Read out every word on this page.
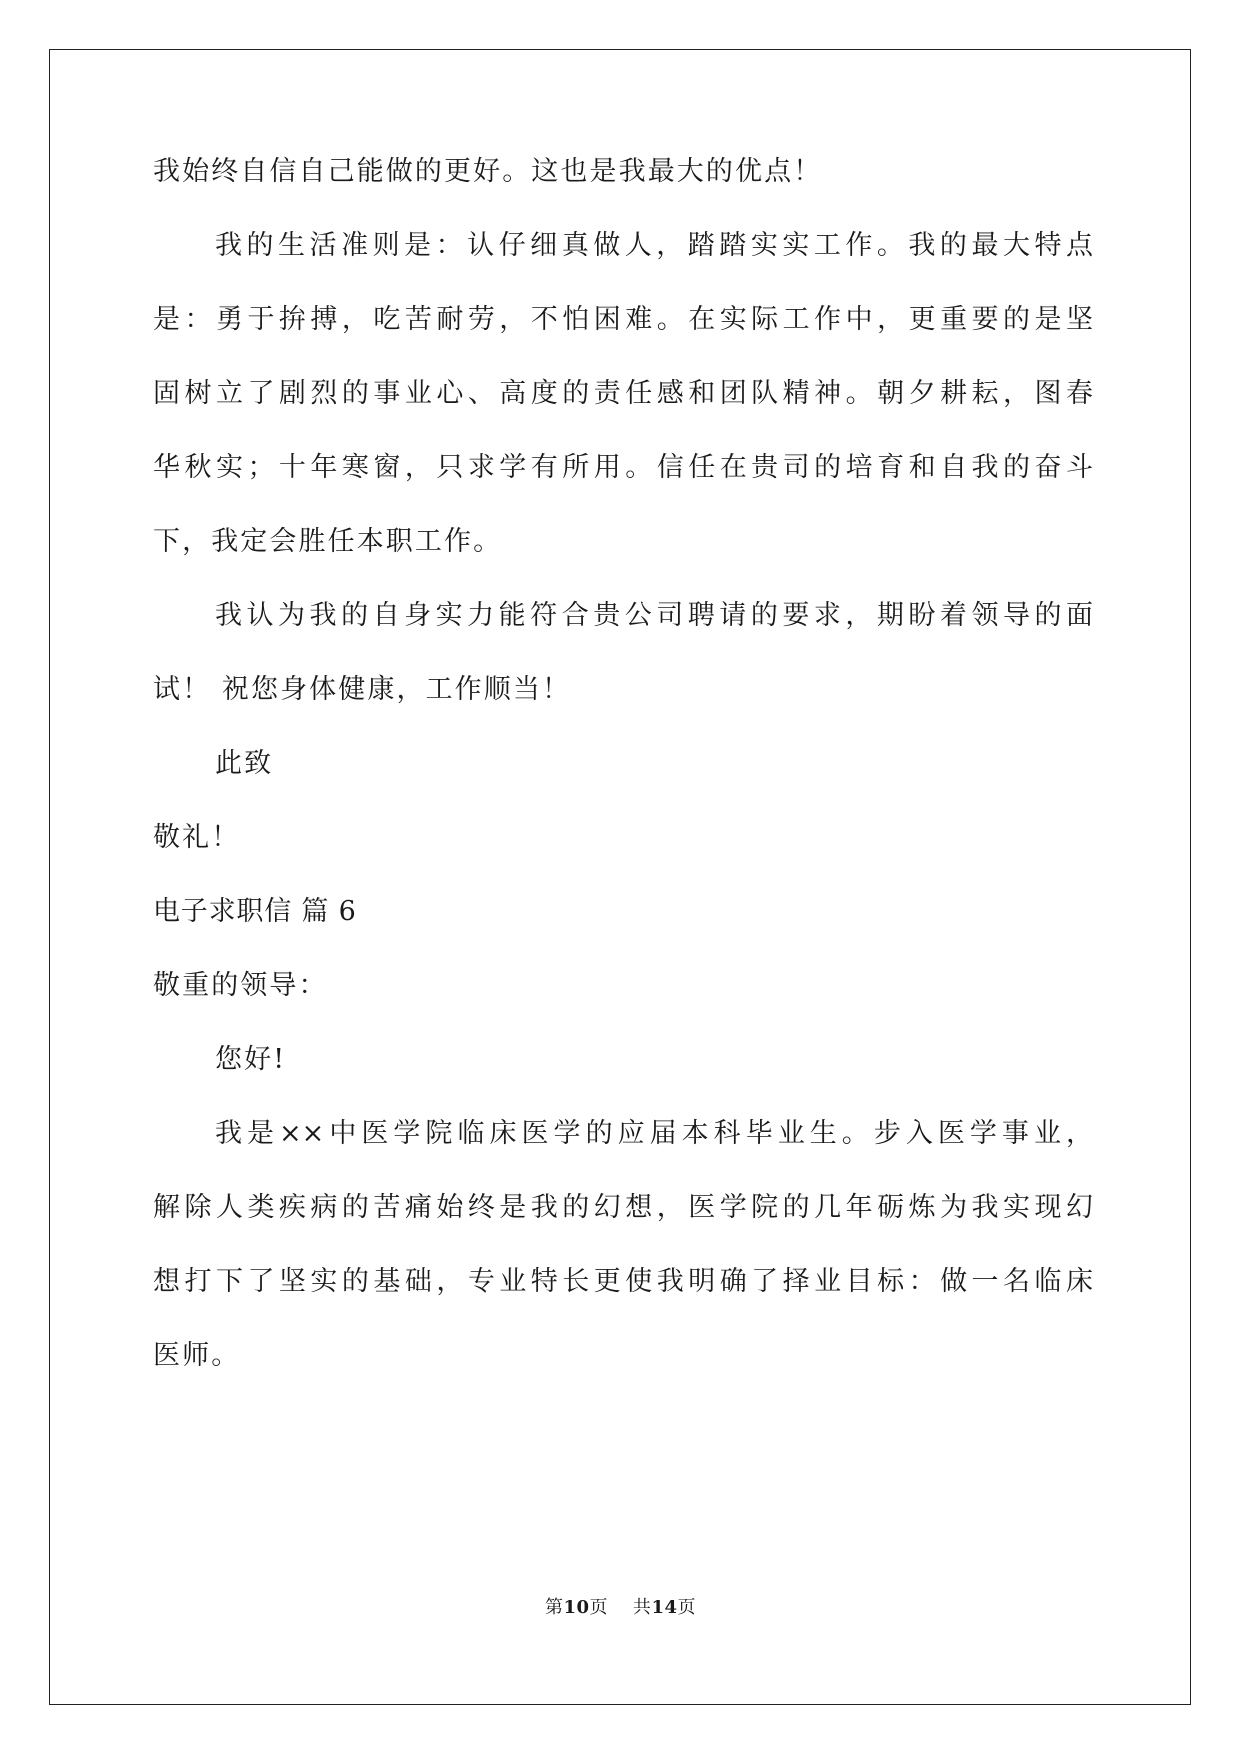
我始终自信自己能做的更好。这也是我最大的优点！
我的生活准则是：认仔细真做人，踏踏实实工作。我的最大特点
是：勇于拚搏，吃苦耐劳，不怕困难。在实际工作中，更重要的是坚
固树立了剧烈的事业心、高度的责任感和团队精神。朝夕耕耘，图春
华秋实；十年寒窗，只求学有所用。信任在贵司的培育和自我的奋斗
下，我定会胜任本职工作。
我认为我的自身实力能符合贵公司聘请的要求，期盼着领导的面
试！ 祝您身体健康，工作顺当！
此致
敬礼！
电子求职信 篇 6
敬重的领导：
您好!
我是××中医学院临床医学的应届本科毕业生。步入医学事业，
解除人类疾病的苦痛始终是我的幻想，医学院的几年砺炼为我实现幻
想打下了坚实的基础，专业特长更使我明确了择业目标：做一名临床
医师。
第10页    共14页
